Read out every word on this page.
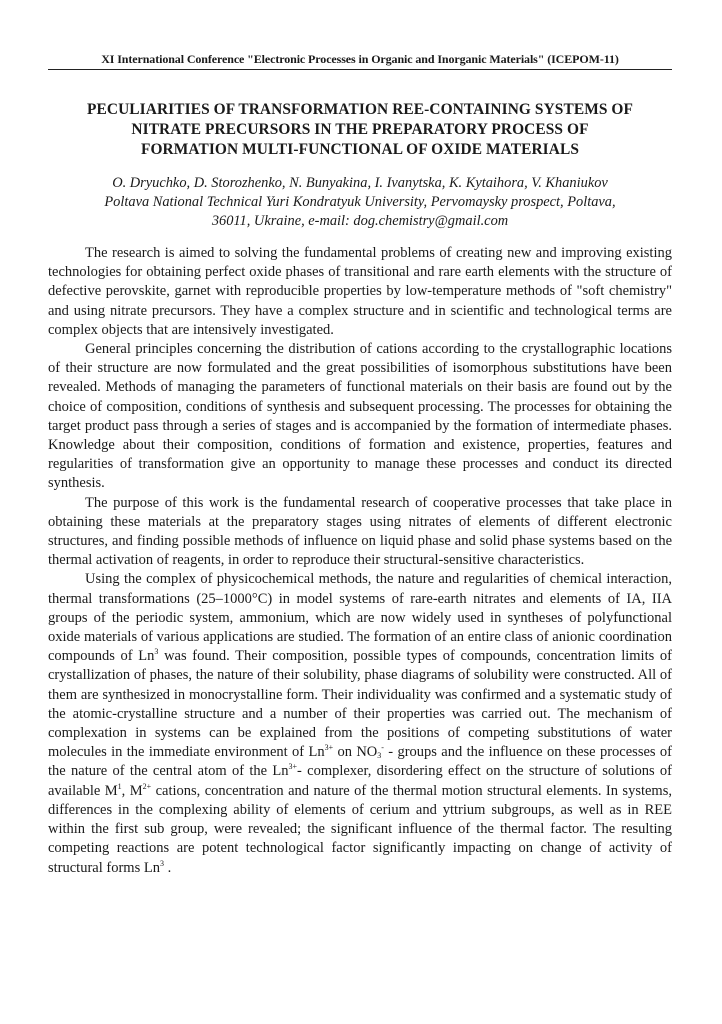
XI International Conference "Electronic Processes in Organic and Inorganic Materials" (ICEPOM-11)
PECULIARITIES OF TRANSFORMATION REE-CONTAINING SYSTEMS OF
NITRATE PRECURSORS IN THE PREPARATORY PROCESS OF
FORMATION MULTI-FUNCTIONAL OF OXIDE MATERIALS
O. Dryuchko, D. Storozhenko, N. Bunyakina, I. Ivanytska, K. Kytaihora, V. Khaniukov
Poltava National Technical Yuri Kondratyuk University, Pervomaysky prospect, Poltava,
36011, Ukraine, e-mail: dog.chemistry@gmail.com

The research is aimed to solving the fundamental problems of creating new and improving existing technologies for obtaining perfect oxide phases of transitional and rare earth elements with the structure of defective perovskite, garnet with reproducible properties by low-temperature methods of "soft chemistry" and using nitrate precursors. They have a complex structure and in scientific and technological terms are complex objects that are intensively investigated.

General principles concerning the distribution of cations according to the crystallographic locations of their structure are now formulated and the great possibilities of isomorphous substitutions have been revealed. Methods of managing the parameters of functional materials on their basis are found out by the choice of composition, conditions of synthesis and subsequent processing. The processes for obtaining the target product pass through a series of stages and is accompanied by the formation of intermediate phases. Knowledge about their composition, conditions of formation and existence, properties, features and regularities of transformation give an opportunity to manage these processes and conduct its directed synthesis.

The purpose of this work is the fundamental research of cooperative processes that take place in obtaining these materials at the preparatory stages using nitrates of elements of different electronic structures, and finding possible methods of influence on liquid phase and solid phase systems based on the thermal activation of reagents, in order to reproduce their structural-sensitive characteristics.

Using the complex of physicochemical methods, the nature and regularities of chemical interaction, thermal transformations (25–1000°C) in model systems of rare-earth nitrates and elements of IA, IIA groups of the periodic system, ammonium, which are now widely used in syntheses of polyfunctional oxide materials of various applications are studied. The formation of an entire class of anionic coordination compounds of Ln$^3$ was found. Their composition, possible types of compounds, concentration limits of crystallization of phases, the nature of their solubility, phase diagrams of solubility were constructed. All of them are synthesized in monocrystalline form. Their individuality was confirmed and a systematic study of the atomic-crystalline structure and a number of their properties was carried out. The mechanism of complexation in systems can be explained from the positions of competing substitutions of water molecules in the immediate environment of $Ln^{3+}$ on $NO_3^-$ - groups and the influence on these processes of the nature of the central atom of the $Ln^{3+}-$ complexer, disordering effect on the structure of solutions of available $M^1$, $M^{2+}$ cations, concentration and nature of the thermal motion structural elements. In systems, differences in the complexing ability of elements of cerium and yttrium subgroups, as well as in REE within the first sub group, were revealed; the significant influence of the thermal factor. The resulting competing reactions are potent technological factor significantly impacting on change of activity of structural forms Ln$^3$ .
